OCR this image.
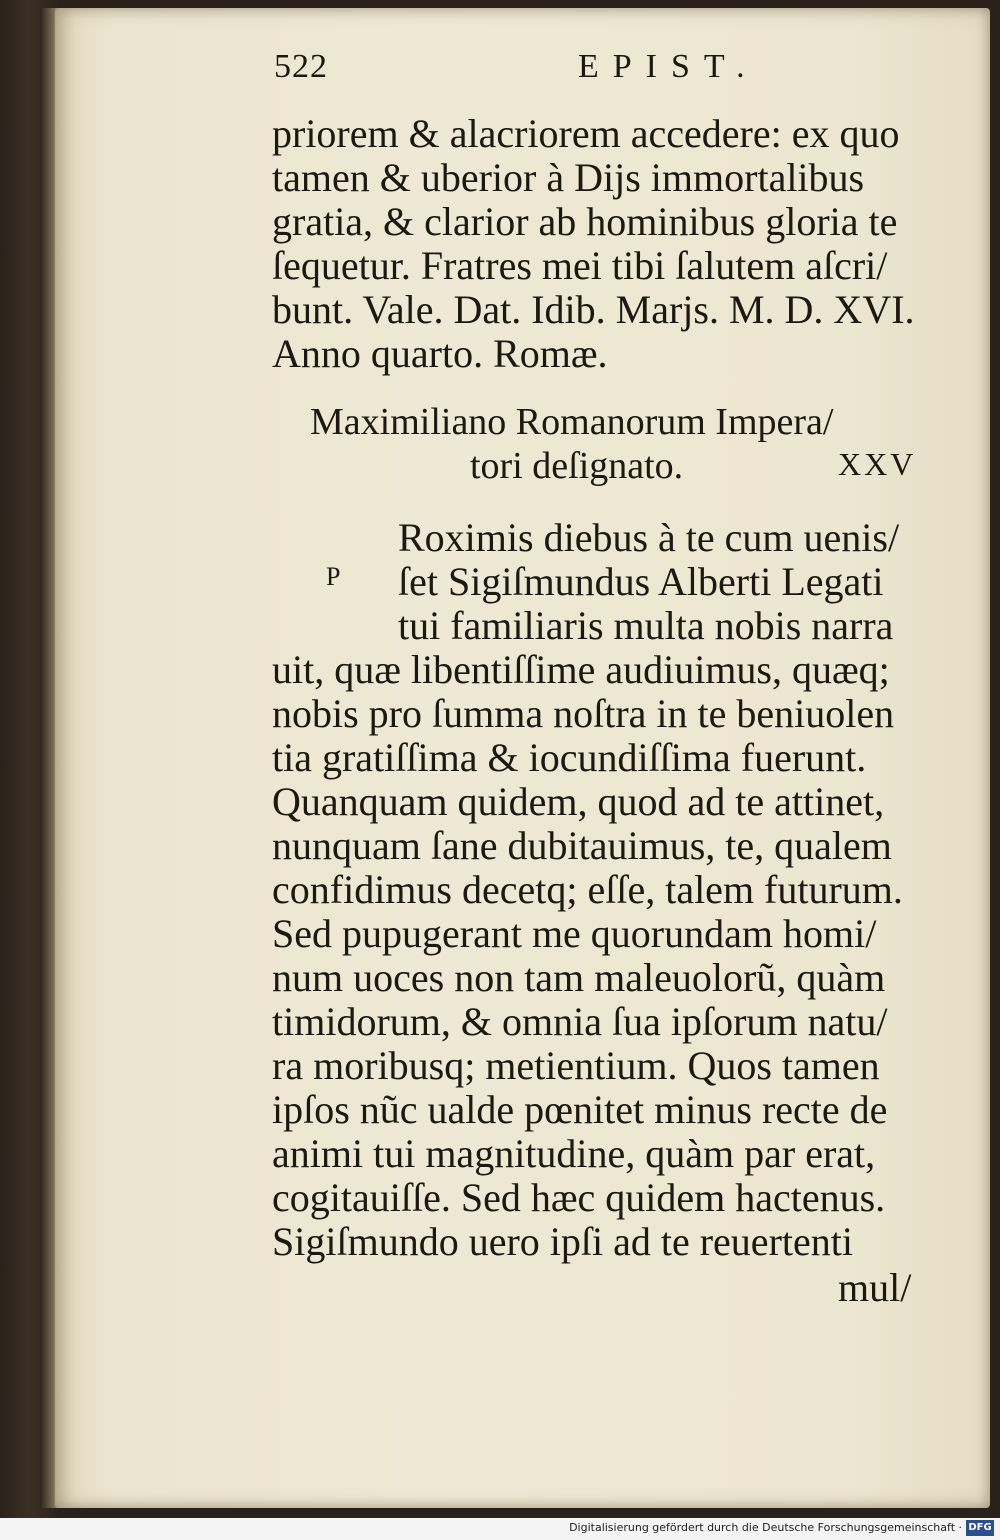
522	EPIST.
priorem & alacriorem accedere: ex quo
tamen & uberior à Dijs immortalibus
gratia, & clarior ab hominibus gloria te
ſequetur. Fratres mei tibi ſalutem aſcri/
bunt. Vale. Dat. Idib. Marjs. M. D. XVI.
Anno quarto. Romæ.
Maximiliano Romanorum Impera/
tori deſignato.	XXV
P
Roximis diebus à te cum uenis/
ſet Sigiſmundus Alberti Legati
tui familiaris multa nobis narra
uit, quæ libentiſſime audiuimus, quæq;
nobis pro ſumma noſtra in te beniuolen
tia gratiſſima & iocundiſſima fuerunt.
Quanquam quidem, quod ad te attinet,
nunquam ſane dubitauimus, te, qualem
confidimus decetq; eſſe, talem futurum.
Sed pupugerant me quorundam homi/
num uoces non tam maleuolorũ, quàm
timidorum, & omnia ſua ipſorum natu/
ra moribusq; metientium. Quos tamen
ipſos nũc ualde pœnitet minus recte de
animi tui magnitudine, quàm par erat,
cogitauiſſe. Sed hæc quidem hactenus.
Sigiſmundo uero ipſi ad te reuertenti
mul/
Digitalisierung gefördert durch die Deutsche Forschungsgemeinschaft · DFG
